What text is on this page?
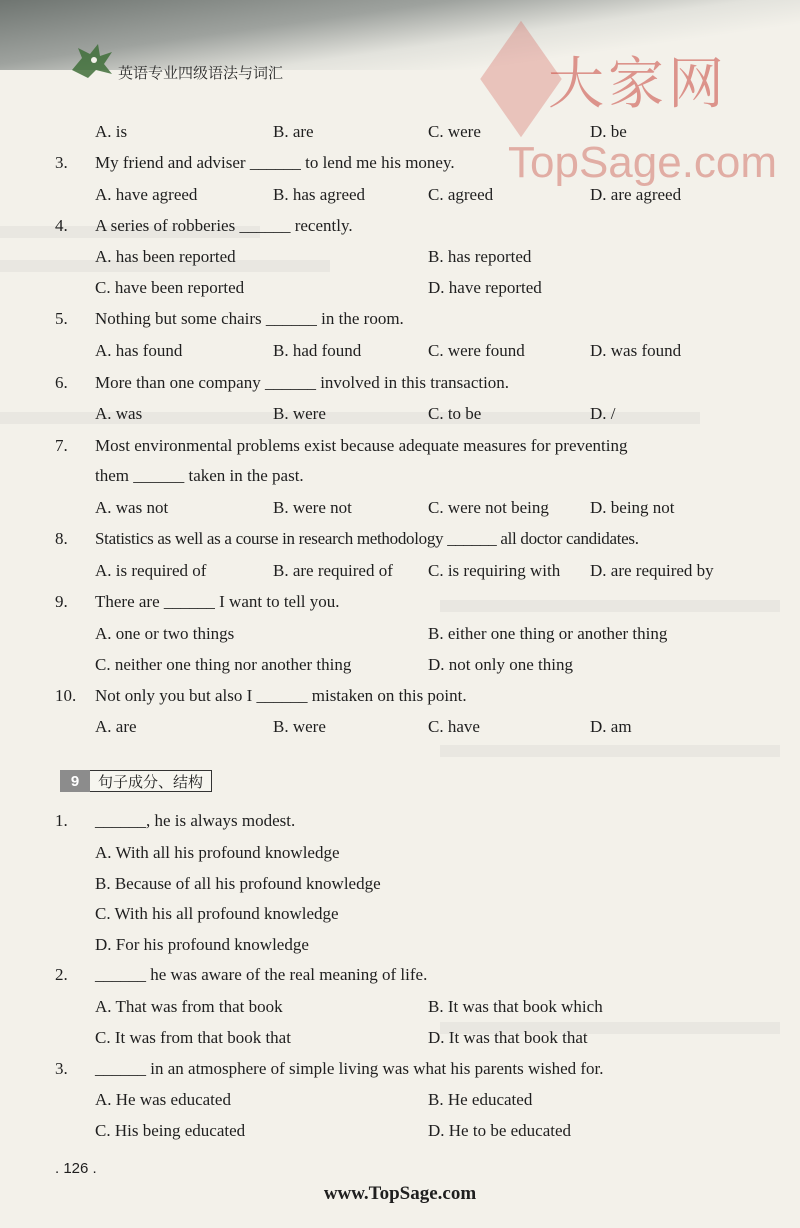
英语专业四级语法与词汇	大家网
TopSage.com
A. is	B. are	C. were	D. be
3. My friend and adviser ______ to lend me his money.
A. have agreed	B. has agreed	C. agreed	D. are agreed
4. A series of robberies ______ recently.
A. has been reported	B. has reported
C. have been reported	D. have reported
5. Nothing but some chairs ______ in the room.
A. has found	B. had found	C. were found	D. was found
6. More than one company ______ involved in this transaction.
A. was	B. were	C. to be	D. /
7. Most environmental problems exist because adequate measures for preventing
them ______ taken in the past.
A. was not	B. were not	C. were not being D. being not
8. Statistics as well as a course in research methodology ______ all doctor candidates.
A. is required of	B. are required of C. is requiring with D. are required by
9. There are ______ I want to tell you.
A. one or two things	B. either one thing or another thing
C. neither one thing nor another thing	D. not only one thing
10. Not only you but also I ______ mistaken on this point.
A. are	B. were	C. have	D. am
9	句子成分、结构
1. ______, he is always modest.
A. With all his profound knowledge
B. Because of all his profound knowledge
C. With his all profound knowledge
D. For his profound knowledge
2. ______ he was aware of the real meaning of life.
A. That was from that book	B. It was that book which
C. It was from that book that	D. It was that book that
3. ______ in an atmosphere of simple living was what his parents wished for.
A. He was educated	B. He educated
C. His being educated	D. He to be educated
. 126 .
www.TopSage.com
